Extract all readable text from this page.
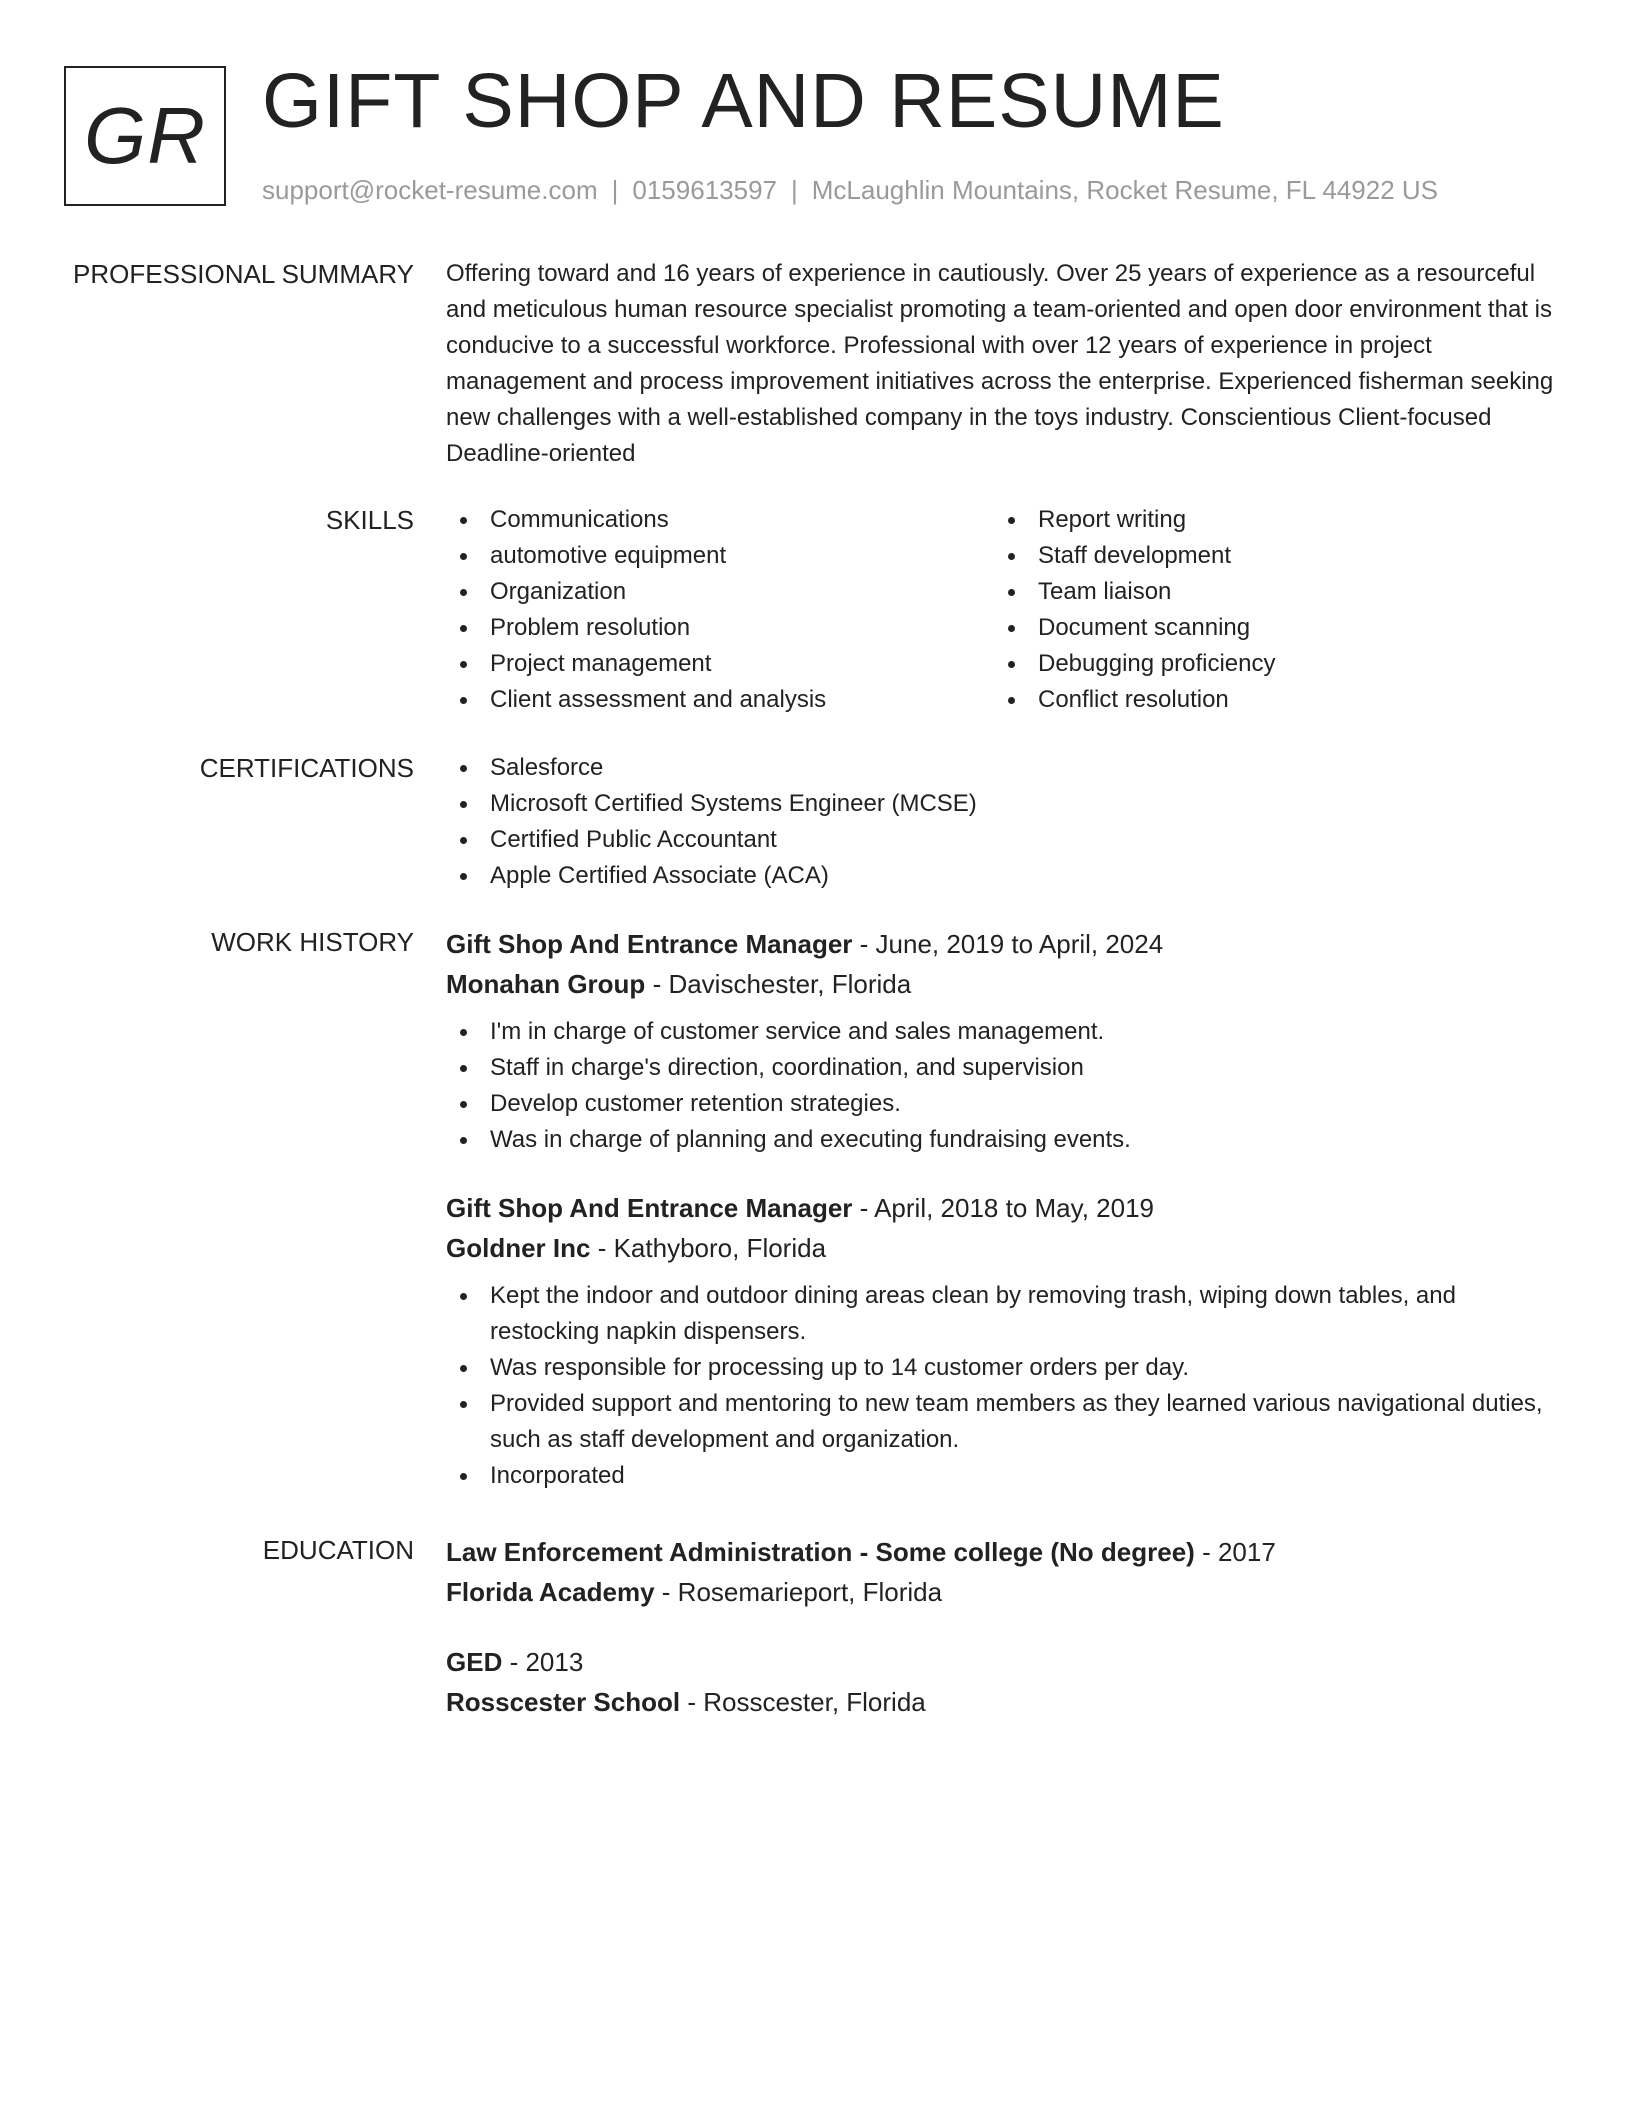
GR GIFT SHOP AND RESUME
support@rocket-resume.com | 0159613597 | McLaughlin Mountains, Rocket Resume, FL 44922 US
PROFESSIONAL SUMMARY Offering toward and 16 years of experience in cautiously. Over 25 years of experience as a resourceful and meticulous human resource specialist promoting a team-oriented and open door environment that is conducive to a successful workforce. Professional with over 12 years of experience in project management and process improvement initiatives across the enterprise. Experienced fisherman seeking new challenges with a well-established company in the toys industry. Conscientious Client-focused Deadline-oriented

SKILLS	Communications
automotive equipment
Organization
Problem resolution
Project management
Client assessment and analysis
Report writing
Staff development
Team liaison
Document scanning
Debugging proficiency
Conflict resolution
CERTIFICATIONS	Salesforce
Microsoft Certified Systems Engineer (MCSE)
Certified Public Accountant
Apple Certified Associate (ACA)
WORK HISTORY Gift Shop And Entrance Manager - June, 2019 to April, 2024
Monahan Group - Davischester, Florida
I'm in charge of customer service and sales management.
Staff in charge's direction, coordination, and supervision
Develop customer retention strategies.
Was in charge of planning and executing fundraising events.
Gift Shop And Entrance Manager - April, 2018 to May, 2019
Goldner Inc - Kathyboro, Florida
Kept the indoor and outdoor dining areas clean by removing trash, wiping down tables, and restocking napkin dispensers.
Was responsible for processing up to 14 customer orders per day.
Provided support and mentoring to new team members as they learned various navigational duties, such as staff development and organization.
Incorporated
EDUCATION Law Enforcement Administration - Some college (No degree) - 2017
Florida Academy - Rosemarieport, Florida
GED - 2013
Rosscester School - Rosscester, Florida
